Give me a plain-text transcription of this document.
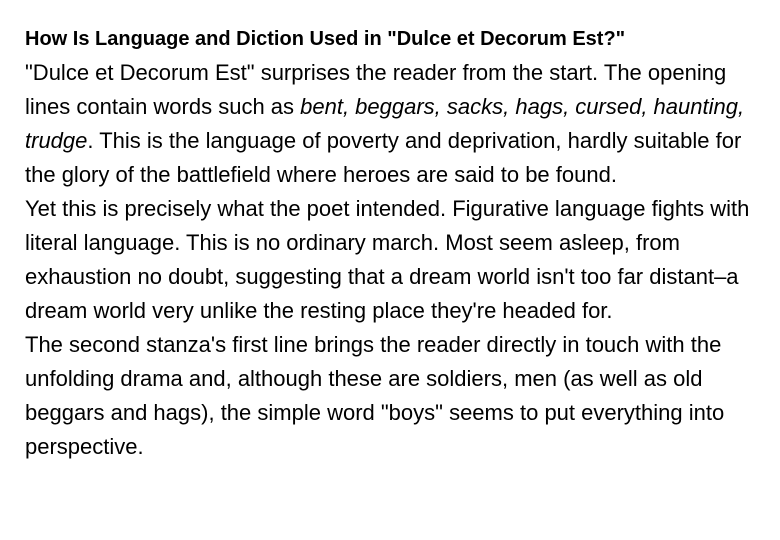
How Is Language and Diction Used in "Dulce et Decorum Est?"

"Dulce et Decorum Est" surprises the reader from the start. The opening lines contain words such as bent, beggars, sacks, hags, cursed, haunting, trudge. This is the language of poverty and deprivation, hardly suitable for the glory of the battlefield where heroes are said to be found.

Yet this is precisely what the poet intended. Figurative language fights with literal language. This is no ordinary march. Most seem asleep, from exhaustion no doubt, suggesting that a dream world isn't too far distant–a dream world very unlike the resting place they're headed for.

The second stanza's first line brings the reader directly in touch with the unfolding drama and, although these are soldiers, men (as well as old beggars and hags), the simple word "boys" seems to put everything into perspective.
